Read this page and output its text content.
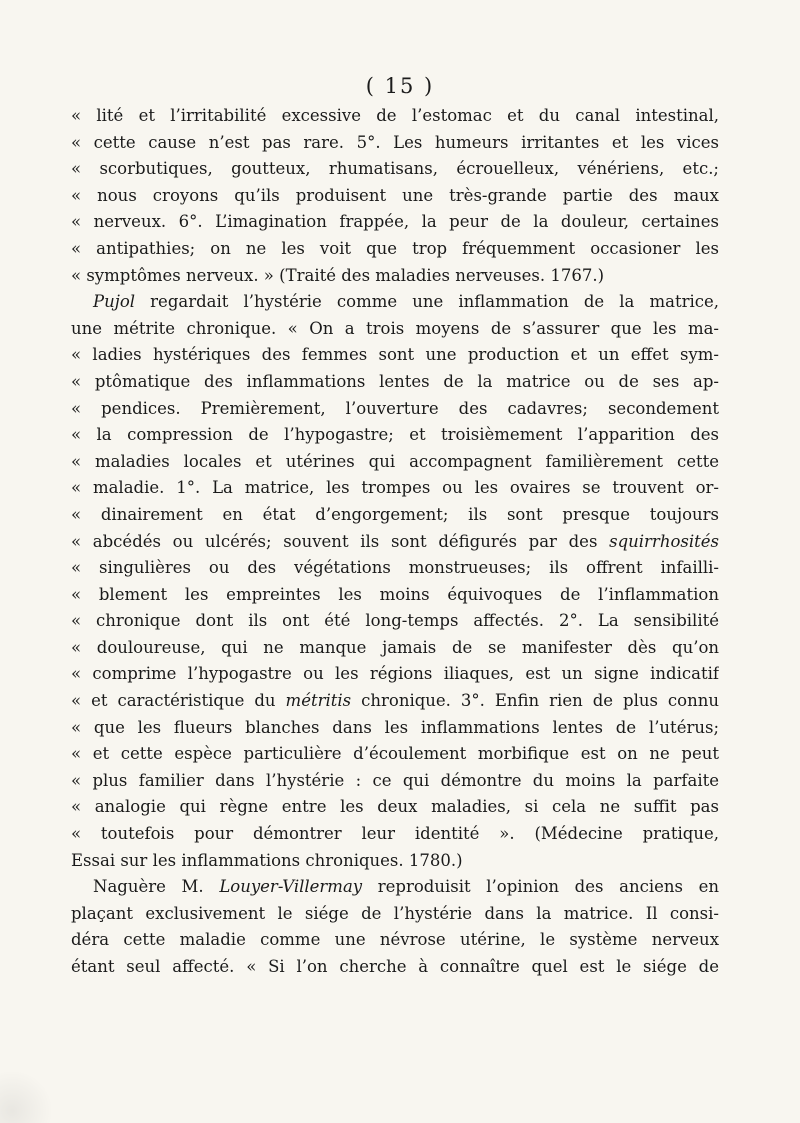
( 15 )
« lité et l’irritabilité excessive de l’estomac et du canal intestinal,
« cette cause n’est pas rare. 5°. Les humeurs irritantes et les vices
« scorbutiques, goutteux, rhumatisans, écrouelleux, vénériens, etc.;
« nous croyons qu’ils produisent une très-grande partie des maux
« nerveux. 6°. L’imagination frappée, la peur de la douleur, certaines
« antipathies; on ne les voit que trop fréquemment occasioner les
« symptômes nerveux. » (Traité des maladies nerveuses. 1767.)
Pujol regardait l’hystérie comme une inflammation de la matrice,
une métrite chronique. « On a trois moyens de s’assurer que les ma-
« ladies hystériques des femmes sont une production et un effet sym-
« ptômatique des inflammations lentes de la matrice ou de ses ap-
« pendices. Premièrement, l’ouverture des cadavres; secondement
« la compression de l’hypogastre; et troisièmement l’apparition des
« maladies locales et utérines qui accompagnent familièrement cette
« maladie. 1°. La matrice, les trompes ou les ovaires se trouvent or-
« dinairement en état d’engorgement; ils sont presque toujours
« abcédés ou ulcérés; souvent ils sont défigurés par des squirrhosités
« singulières ou des végétations monstrueuses; ils offrent infailli-
« blement les empreintes les moins équivoques de l’inflammation
« chronique dont ils ont été long-temps affectés. 2°. La sensibilité
« douloureuse, qui ne manque jamais de se manifester dès qu’on
« comprime l’hypogastre ou les régions iliaques, est un signe indicatif
« et caractéristique du métritis chronique. 3°. Enfin rien de plus connu
« que les flueurs blanches dans les inflammations lentes de l’utérus;
« et cette espèce particulière d’écoulement morbifique est on ne peut
« plus familier dans l’hystérie : ce qui démontre du moins la parfaite
« analogie qui règne entre les deux maladies, si cela ne suffit pas
« toutefois pour démontrer leur identité ». (Médecine pratique,
Essai sur les inflammations chroniques. 1780.)
Naguère M. Louyer-Villermay reproduisit l’opinion des anciens en
plaçant exclusivement le siége de l’hystérie dans la matrice. Il consi-
déra cette maladie comme une névrose utérine, le système nerveux
étant seul affecté. « Si l’on cherche à connaître quel est le siége de
